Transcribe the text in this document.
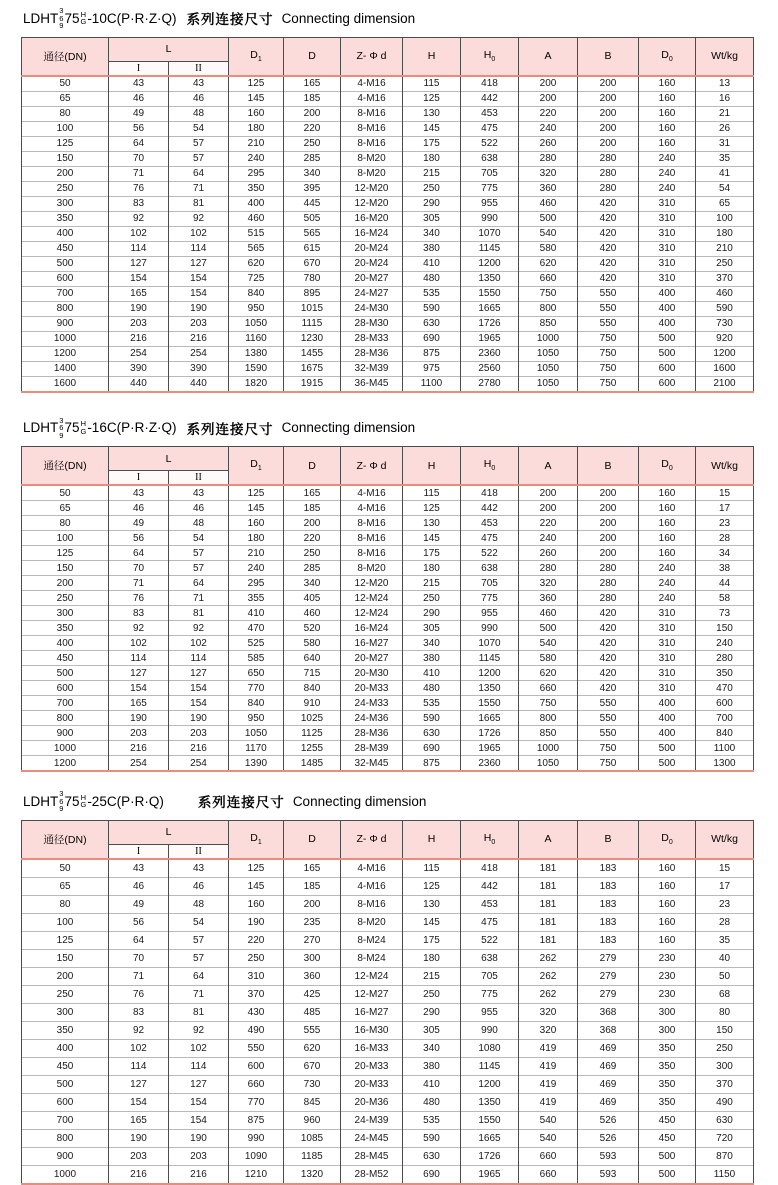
LDHT
3
6
9 75 H
G -10C(P·R·Z·Q) 系列连接尺寸 Connecting dimension
通径(DN)	L		$D_1$	D	Z- Φ d	H	$H_0$	A	B	$D_0$	Wt/kg
	I	II									
50	43	43	125	165	4-M16	115	418	200	200	160	13
65	46	46	145	185	4-M16	125	442	200	200	160	16
80	49	48	160	200	8-M16	130	453	220	200	160	21
100	56	54	180	220	8-M16	145	475	240	200	160	26
125	64	57	210	250	8-M16	175	522	260	200	160	31
150	70	57	240	285	8-M20	180	638	280	280	240	35
200	71	64	295	340	8-M20	215	705	320	280	240	41
250	76	71	350	395	12-M20	250	775	360	280	240	54
300	83	81	400	445	12-M20	290	955	460	420	310	65
350	92	92	460	505	16-M20	305	990	500	420	310	100
400	102	102	515	565	16-M24	340	1070	540	420	310	180
450	114	114	565	615	20-M24	380	1145	580	420	310	210
500	127	127	620	670	20-M24	410	1200	620	420	310	250
600	154	154	725	780	20-M27	480	1350	660	420	310	370
700	165	154	840	895	24-M27	535	1550	750	550	400	460
800	190	190	950	1015	24-M30	590	1665	800	550	400	590
900	203	203	1050	1115	28-M30	630	1726	850	550	400	730
1000	216	216	1160	1230	28-M33	690	1965	1000	750	500	920
1200	254	254	1380	1455	28-M36	875	2360	1050	750	500	1200
1400	390	390	1590	1675	32-M39	975	2560	1050	750	600	1600
1600	440	440	1820	1915	36-M45	1100	2780	1050	750	600	2100
LDHT
3
6
9 75 H
G -16C(P·R·Z·Q) 系列连接尺寸 Connecting dimension
通径(DN)	L		$D_1$	D	Z- Φ d	H	$H_0$	A	B	$D_0$	Wt/kg
	I	II									
50	43	43	125	165	4-M16	115	418	200	200	160	15
65	46	46	145	185	4-M16	125	442	200	200	160	17
80	49	48	160	200	8-M16	130	453	220	200	160	23
100	56	54	180	220	8-M16	145	475	240	200	160	28
125	64	57	210	250	8-M16	175	522	260	200	160	34
150	70	57	240	285	8-M20	180	638	280	280	240	38
200	71	64	295	340	12-M20	215	705	320	280	240	44
250	76	71	355	405	12-M24	250	775	360	280	240	58
300	83	81	410	460	12-M24	290	955	460	420	310	73
350	92	92	470	520	16-M24	305	990	500	420	310	150
400	102	102	525	580	16-M27	340	1070	540	420	310	240
450	114	114	585	640	20-M27	380	1145	580	420	310	280
500	127	127	650	715	20-M30	410	1200	620	420	310	350
600	154	154	770	840	20-M33	480	1350	660	420	310	470
700	165	154	840	910	24-M33	535	1550	750	550	400	600
800	190	190	950	1025	24-M36	590	1665	800	550	400	700
900	203	203	1050	1125	28-M36	630	1726	850	550	400	840
1000	216	216	1170	1255	28-M39	690	1965	1000	750	500	1100
1200	254	254	1390	1485	32-M45	875	2360	1050	750	500	1300
LDHT
3
6
9 75 H
G -25C(P·R·Q)	系列连接尺寸 Connecting dimension
通径(DN)	L		$D_1$	D	Z- Φ d	H	$H_0$	A	B	$D_0$	Wt/kg
	I	II									
50	43	43	125	165	4-M16	115	418	181	183	160	15
65	46	46	145	185	4-M16	125	442	181	183	160	17
80	49	48	160	200	8-M16	130	453	181	183	160	23
100	56	54	190	235	8-M20	145	475	181	183	160	28
125	64	57	220	270	8-M24	175	522	181	183	160	35
150	70	57	250	300	8-M24	180	638	262	279	230	40
200	71	64	310	360	12-M24	215	705	262	279	230	50
250	76	71	370	425	12-M27	250	775	262	279	230	68
300	83	81	430	485	16-M27	290	955	320	368	300	80
350	92	92	490	555	16-M30	305	990	320	368	300	150
400	102	102	550	620	16-M33	340	1080	419	469	350	250
450	114	114	600	670	20-M33	380	1145	419	469	350	300
500	127	127	660	730	20-M33	410	1200	419	469	350	370
600	154	154	770	845	20-M36	480	1350	419	469	350	490
700	165	154	875	960	24-M39	535	1550	540	526	450	630
800	190	190	990	1085	24-M45	590	1665	540	526	450	720
900	203	203	1090	1185	28-M45	630	1726	660	593	500	870
1000	216	216	1210	1320	28-M52	690	1965	660	593	500	1150
